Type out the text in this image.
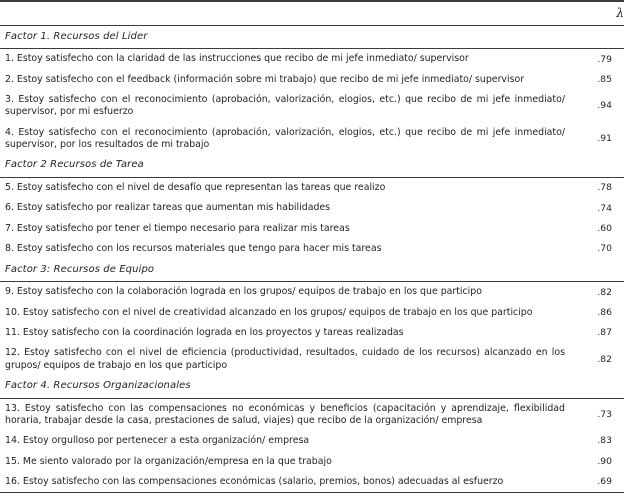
	λ
Factor 1. Recursos del Lider	
1. Estoy satisfecho con la claridad de las instrucciones que recibo de mi jefe inmediato/ supervisor	.79
2. Estoy satisfecho con el feedback (información sobre mi trabajo) que recibo de mi jefe inmediato/ supervisor	.85
3. Estoy satisfecho con el reconocimiento (aprobación, valorización, elogios, etc.) que recibo de mi jefe inmediato/ supervisor, por mi esfuerzo	.94
4. Estoy satisfecho con el reconocimiento (aprobación, valorización, elogios, etc.) que recibo de mi jefe inmediato/ supervisor, por los resultados de mi trabajo	.91
Factor 2 Recursos de Tarea	
5. Estoy satisfecho con el nivel de desafío que representan las tareas que realizo	.78
6. Estoy satisfecho por realizar tareas que aumentan mis habilidades	.74
7. Estoy satisfecho por tener el tiempo necesario para realizar mis tareas	.60
8. Estoy satisfecho con los recursos materiales que tengo para hacer mis tareas	.70
Factor 3: Recursos de Equipo	
9. Estoy satisfecho con la colaboración lograda en los grupos/ equipos de trabajo en los que participo	.82
10. Estoy satisfecho con el nivel de creatividad alcanzado en los grupos/ equipos de trabajo en los que participo	.86
11. Estoy satisfecho con la coordinación lograda en los proyectos y tareas realizadas	.87
12. Estoy satisfecho con el nivel de eficiencia (productividad, resultados, cuidado de los recursos) alcanzado en los grupos/ equipos de trabajo en los que participo	.82
Factor 4. Recursos Organizacionales	
13. Estoy satisfecho con las compensaciones no económicas y beneficios (capacitación y aprendizaje, flexibilidad horaria, trabajar desde la casa, prestaciones de salud, viajes) que recibo de la organización/ empresa	.73
14. Estoy orgulloso por pertenecer a esta organización/ empresa	.83
15. Me siento valorado por la organización/empresa en la que trabajo	.90
16. Estoy satisfecho con las compensaciones económicas (salario, premios, bonos) adecuadas al esfuerzo	.69
